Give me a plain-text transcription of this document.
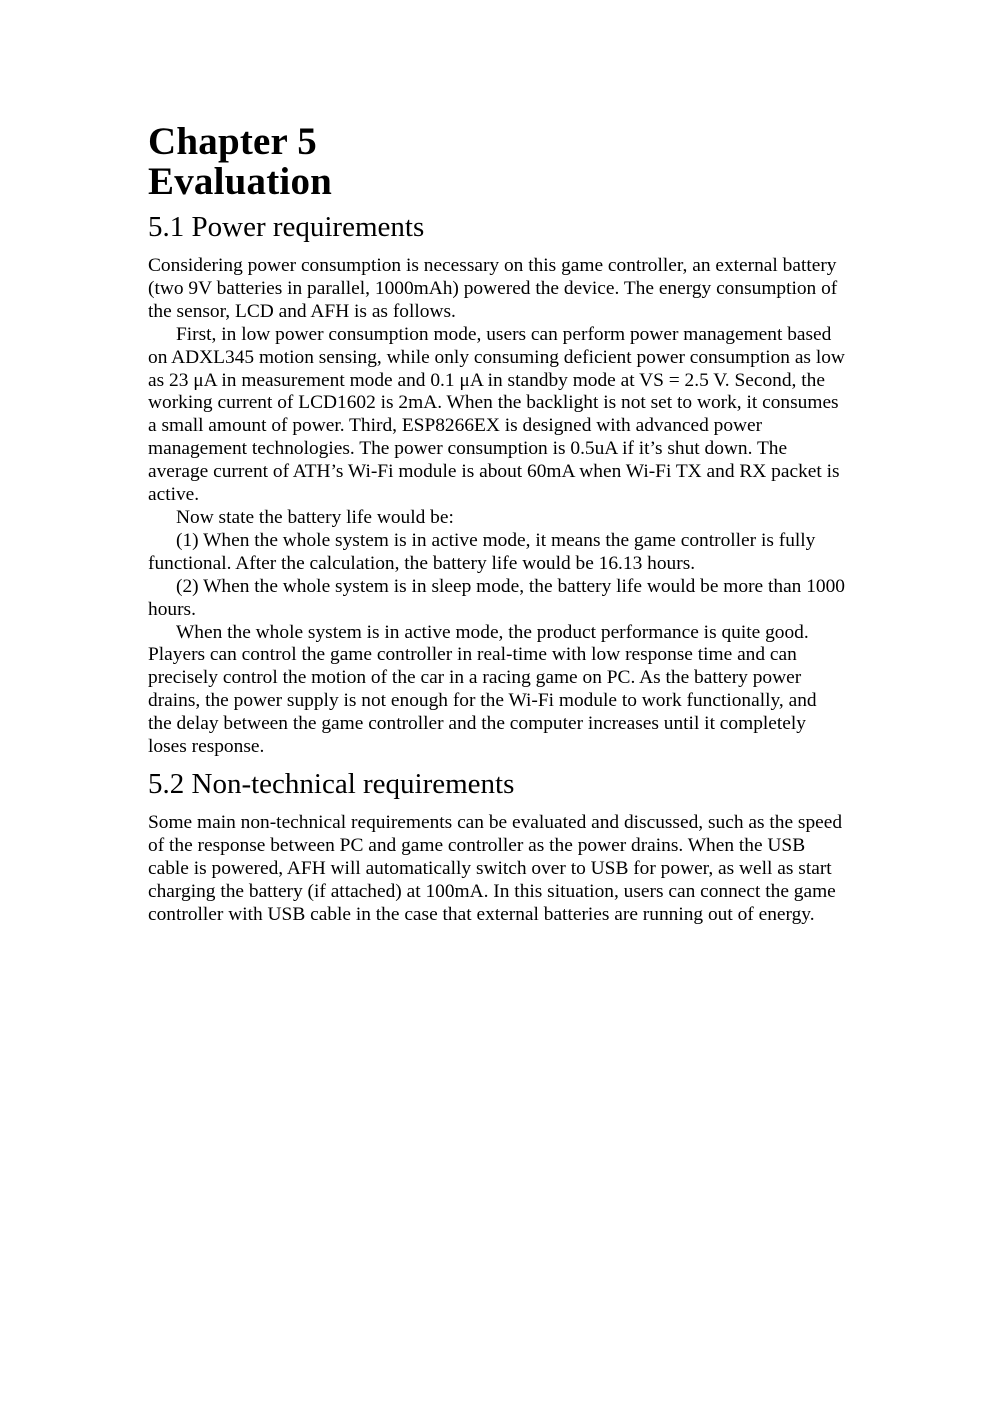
Chapter 5
Evaluation
5.1 Power requirements

Considering power consumption is necessary on this game controller, an external battery (two 9V batteries in parallel, 1000mAh) powered the device. The energy consumption of the sensor, LCD and AFH is as follows.

First, in low power consumption mode, users can perform power management based on ADXL345 motion sensing, while only consuming deficient power consumption as low as 23 μA in measurement mode and 0.1 μA in standby mode at VS = 2.5 V. Second, the working current of LCD1602 is 2mA. When the backlight is not set to work, it consumes a small amount of power. Third, ESP8266EX is designed with advanced power management technologies. The power consumption is 0.5uA if it’s shut down. The average current of ATH’s Wi-Fi module is about 60mA when Wi-Fi TX and RX packet is active.

Now state the battery life would be:

(1) When the whole system is in active mode, it means the game controller is fully functional. After the calculation, the battery life would be 16.13 hours.

(2) When the whole system is in sleep mode, the battery life would be more than 1000 hours.

When the whole system is in active mode, the product performance is quite good. Players can control the game controller in real-time with low response time and can precisely control the motion of the car in a racing game on PC. As the battery power drains, the power supply is not enough for the Wi-Fi module to work functionally, and the delay between the game controller and the computer increases until it completely loses response.

5.2 Non-technical requirements

Some main non-technical requirements can be evaluated and discussed, such as the speed of the response between PC and game controller as the power drains. When the USB cable is powered, AFH will automatically switch over to USB for power, as well as start charging the battery (if attached) at 100mA. In this situation, users can connect the game controller with USB cable in the case that external batteries are running out of energy.
